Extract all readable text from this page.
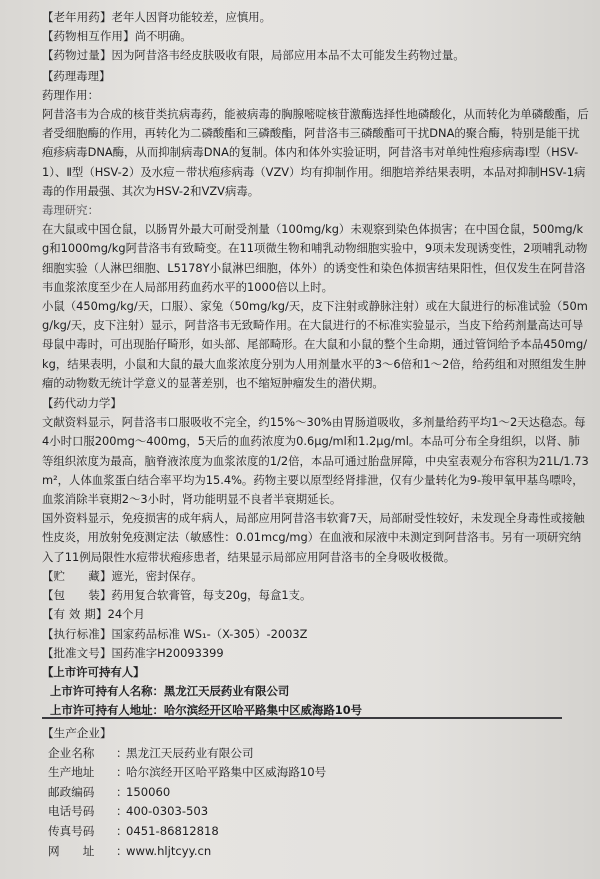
【老年用药】老年人因肾功能较差，应慎用。
【药物相互作用】尚不明确。
【药物过量】因为阿昔洛韦经皮肤吸收有限，局部应用本品不太可能发生药物过量。
【药理毒理】
药理作用：
阿昔洛韦为合成的核苷类抗病毒药，能被病毒的胸腺嘧啶核苷激酶选择性地磷酸化，从而转化为单磷酸酯，后者受细胞酶的作用，再转化为二磷酸酯和三磷酸酯，阿昔洛韦三磷酸酯可干扰DNA的聚合酶，特别是能干扰疱疹病毒DNA酶，从而抑制病毒DNA的复制。体内和体外实验证明，阿昔洛韦对单纯性疱疹病毒Ⅰ型（HSV-1）、Ⅱ型（HSV-2）及水痘－带状疱疹病毒（VZV）均有抑制作用。细胞培养结果表明，本品对抑制HSV-1病毒的作用最强、其次为HSV-2和VZV病毒。
毒理研究：
在大鼠或中国仓鼠，以肠胃外最大可耐受剂量（100mg/kg）未观察到染色体损害；在中国仓鼠，500mg/kg和1000mg/kg阿昔洛韦有致畸变。在11项微生物和哺乳动物细胞实验中，9项未发现诱变性，2项哺乳动物细胞实验（人淋巴细胞、L5178Y小鼠淋巴细胞，体外）的诱变性和染色体损害结果阳性，但仅发生在阿昔洛韦血浆浓度至少在人局部用药血药水平的1000倍以上时。
小鼠（450mg/kg/天，口服）、家兔（50mg/kg/天，皮下注射或静脉注射）或在大鼠进行的标准试验（50mg/kg/天，皮下注射）显示，阿昔洛韦无致畸作用。在大鼠进行的不标准实验显示，当皮下给药剂量高达可导母鼠中毒时，可出现胎仔畸形，如头部、尾部畸形。在大鼠和小鼠的整个生命期，通过管饲给予本品450mg/kg，结果表明，小鼠和大鼠的最大血浆浓度分别为人用剂量水平的3～6倍和1～2倍，给药组和对照组发生肿瘤的动物数无统计学意义的显著差别，也不缩短肿瘤发生的潜伏期。
【药代动力学】
文献资料显示，阿昔洛韦口服吸收不完全，约15%～30%由胃肠道吸收，多剂量给药平均1～2天达稳态。每4小时口服200mg～400mg，5天后的血药浓度为0.6μg/ml和1.2μg/ml。本品可分布全身组织，以肾、肺等组织浓度为最高，脑脊液浓度为血浆浓度的1/2倍，本品可通过胎盘屏障，中央室表观分布容积为21L/1.73m²，人体血浆蛋白结合率平均为15.4%。药物主要以原型经肾排泄，仅有少量转化为9-羧甲氧甲基鸟嘌呤，血浆消除半衰期2～3小时，肾功能明显不良者半衰期延长。
国外资料显示，免疫损害的成年病人，局部应用阿昔洛韦软膏7天，局部耐受性较好，未发现全身毒性或接触性皮炎，用放射免疫测定法（敏感性：0.01mcg/mg）在血液和尿液中未测定到阿昔洛韦。另有一项研究纳入了11例局限性水痘带状疱疹患者，结果显示局部应用阿昔洛韦的全身吸收极微。
【贮　　藏】遮光，密封保存。
【包　　装】药用复合软膏管，每支20g，每盒1支。
【有 效 期】24个月
【执行标准】国家药品标准 WS₁-（X-305）-2003Z
【批准文号】国药准字H20093399
【上市许可持有人】
上市许可持有人名称：黑龙江天辰药业有限公司
上市许可持有人地址：哈尔滨经开区哈平路集中区威海路10号
【生产企业】
企业名称	：
黑龙江天辰药业有限公司
生产地址	：
哈尔滨经开区哈平路集中区威海路10号
邮政编码	：
150060
电话号码	：
400-0303-503
传真号码	：
0451-86812818
网　　址	：
www.hljtcyy.cn
